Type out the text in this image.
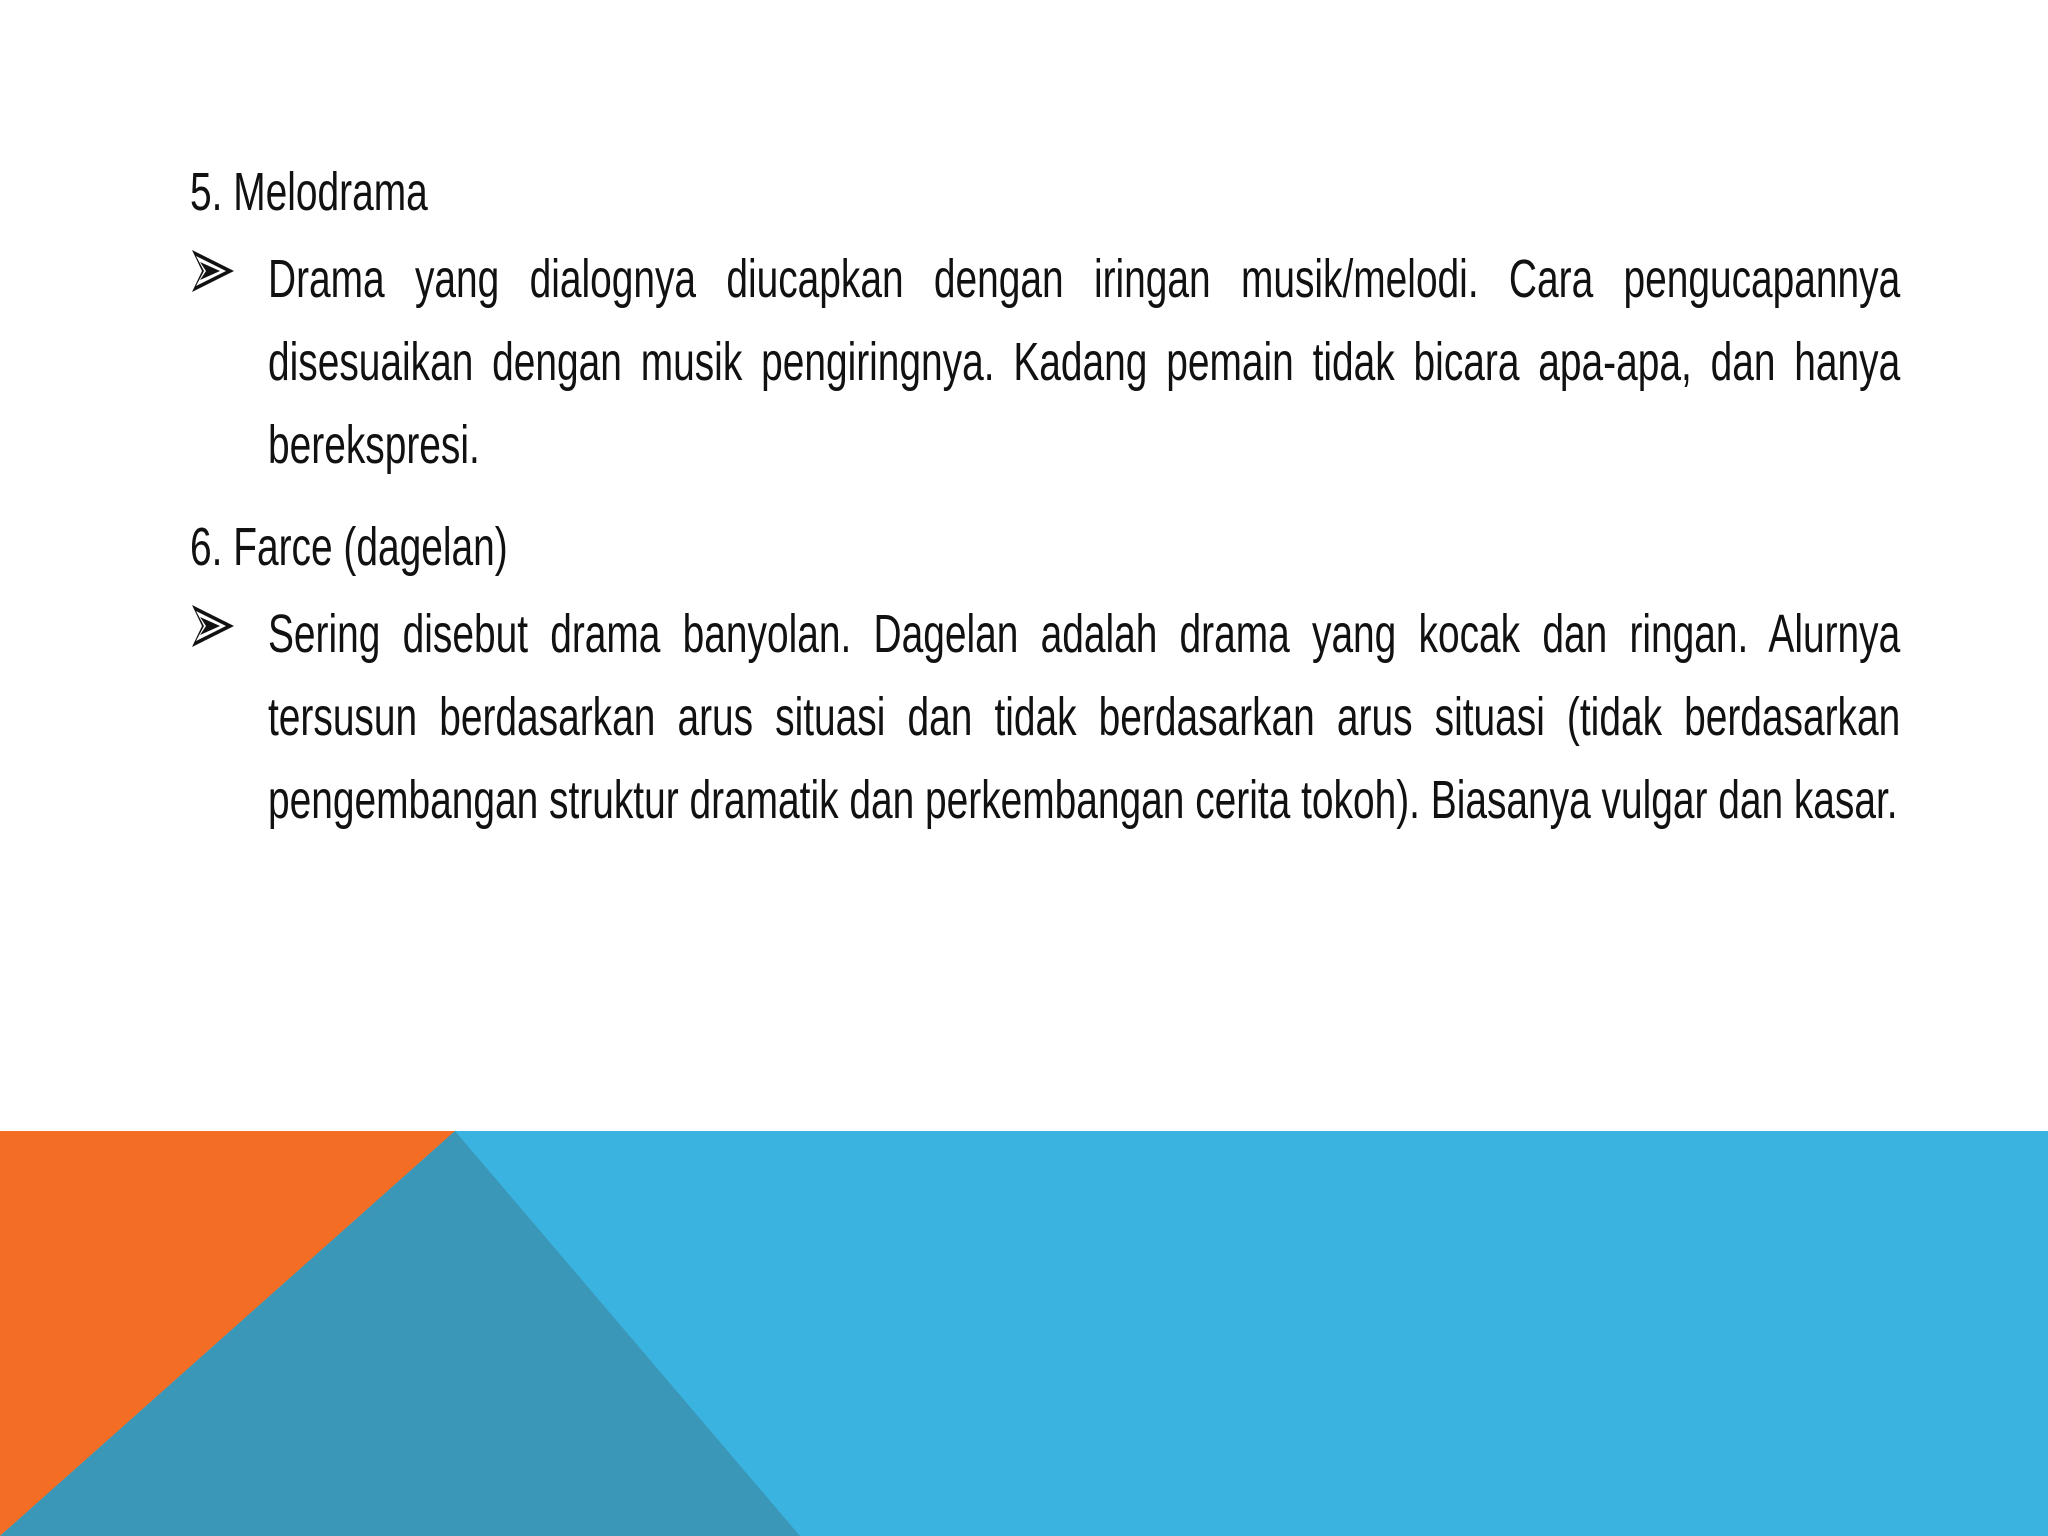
5. Melodrama

Drama yang dialognya diucapkan dengan iringan musik/melodi. Cara pengucapannya disesuaikan dengan musik pengiringnya. Kadang pemain tidak bicara apa-apa, dan hanya berekspresi.

6. Farce (dagelan)

Sering disebut drama banyolan. Dagelan adalah drama yang kocak dan ringan. Alurnya tersusun berdasarkan arus situasi dan tidak berdasarkan arus situasi (tidak berdasarkan pengembangan struktur dramatik dan perkembangan cerita tokoh). Biasanya vulgar dan kasar.
